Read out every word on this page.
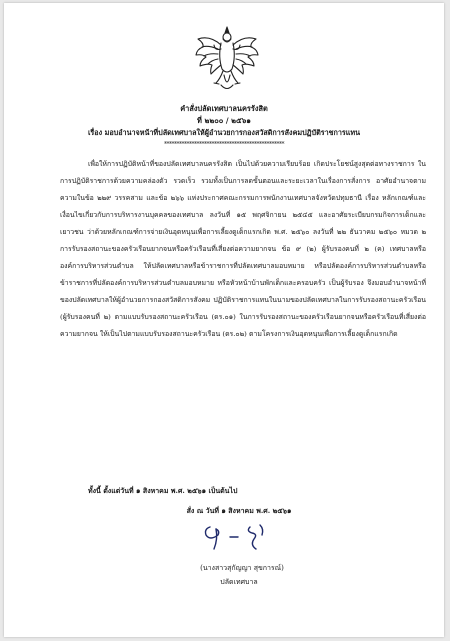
คำสั่งปลัดเทศบาลนครรังสิต
ที่ ๒๒๐๐ / ๒๕๖๑
เรื่อง มอบอำนาจหน้าที่ปลัดเทศบาลให้ผู้อำนวยการกองสวัสดิการสังคมปฏิบัติราชการแทน
************************************************

เพื่อให้การปฏิบัติหน้าที่ของปลัดเทศบาลนครรังสิต เป็นไปด้วยความเรียบร้อย เกิดประโยชน์สูงสุดต่อทางราชการ ในการปฏิบัติราชการด้วยความคล่องตัว รวดเร็ว รวมทั้งเป็นการลดขั้นตอนและระยะเวลาในเรื่องการสั่งการ อาศัยอำนาจตามความในข้อ ๒๒๙ วรรคสาม และข้อ ๒๖๖ แห่งประกาศคณะกรรมการพนักงานเทศบาลจังหวัดปทุมธานี เรื่อง หลักเกณฑ์และเงื่อนไขเกี่ยวกับการบริหารงานบุคคลของเทศบาล ลงวันที่ ๑๕ พฤศจิกายน ๒๕๔๕ และอาศัยระเบียบกรมกิจการเด็กและเยาวชน ว่าด้วยหลักเกณฑ์การจ่ายเงินอุดหนุนเพื่อการเลี้ยงดูเด็กแรกเกิด พ.ศ. ๒๕๖๐ ลงวันที่ ๒๒ ธันวาคม ๒๕๖๐ หมวด ๒ การรับรองสถานะของครัวเรือนยากจนหรือครัวเรือนที่เสี่ยงต่อความยากจน ข้อ ๙ (๒) ผู้รับรองคนที่ ๒ (ค) เทศบาลหรือองค์การบริหารส่วนตำบล ให้ปลัดเทศบาลหรือข้าราชการที่ปลัดเทศบาลมอบหมาย หรือปลัดองค์การบริหารส่วนตำบลหรือข้าราชการที่ปลัดองค์การบริหารส่วนตำบลมอบหมาย หรือหัวหน้าบ้านพักเด็กและครอบครัว เป็นผู้รับรอง จึงมอบอำนาจหน้าที่ของปลัดเทศบาลให้ผู้อำนวยการกองสวัสดิการสังคม ปฏิบัติราชการแทนในนามของปลัดเทศบาลในการรับรองสถานะครัวเรือน (ผู้รับรองคนที่ ๒) ตามแบบรับรองสถานะครัวเรือน (ดร.๐๑) ในการรับรองสถานะของครัวเรือนยากจนหรือครัวเรือนที่เสี่ยงต่อความยากจน ให้เป็นไปตามแบบรับรองสถานะครัวเรือน (ดร.๐๒) ตามโครงการเงินอุดหนุนเพื่อการเลี้ยงดูเด็กแรกเกิด

ทั้งนี้ ตั้งแต่วันที่ ๑ สิงหาคม พ.ศ. ๒๕๖๑ เป็นต้นไป
สั่ง ณ วันที่ ๑ สิงหาคม พ.ศ. ๒๕๖๑
(นางสาวสุกัญญา สุขการณ์)
ปลัดเทศบาล
